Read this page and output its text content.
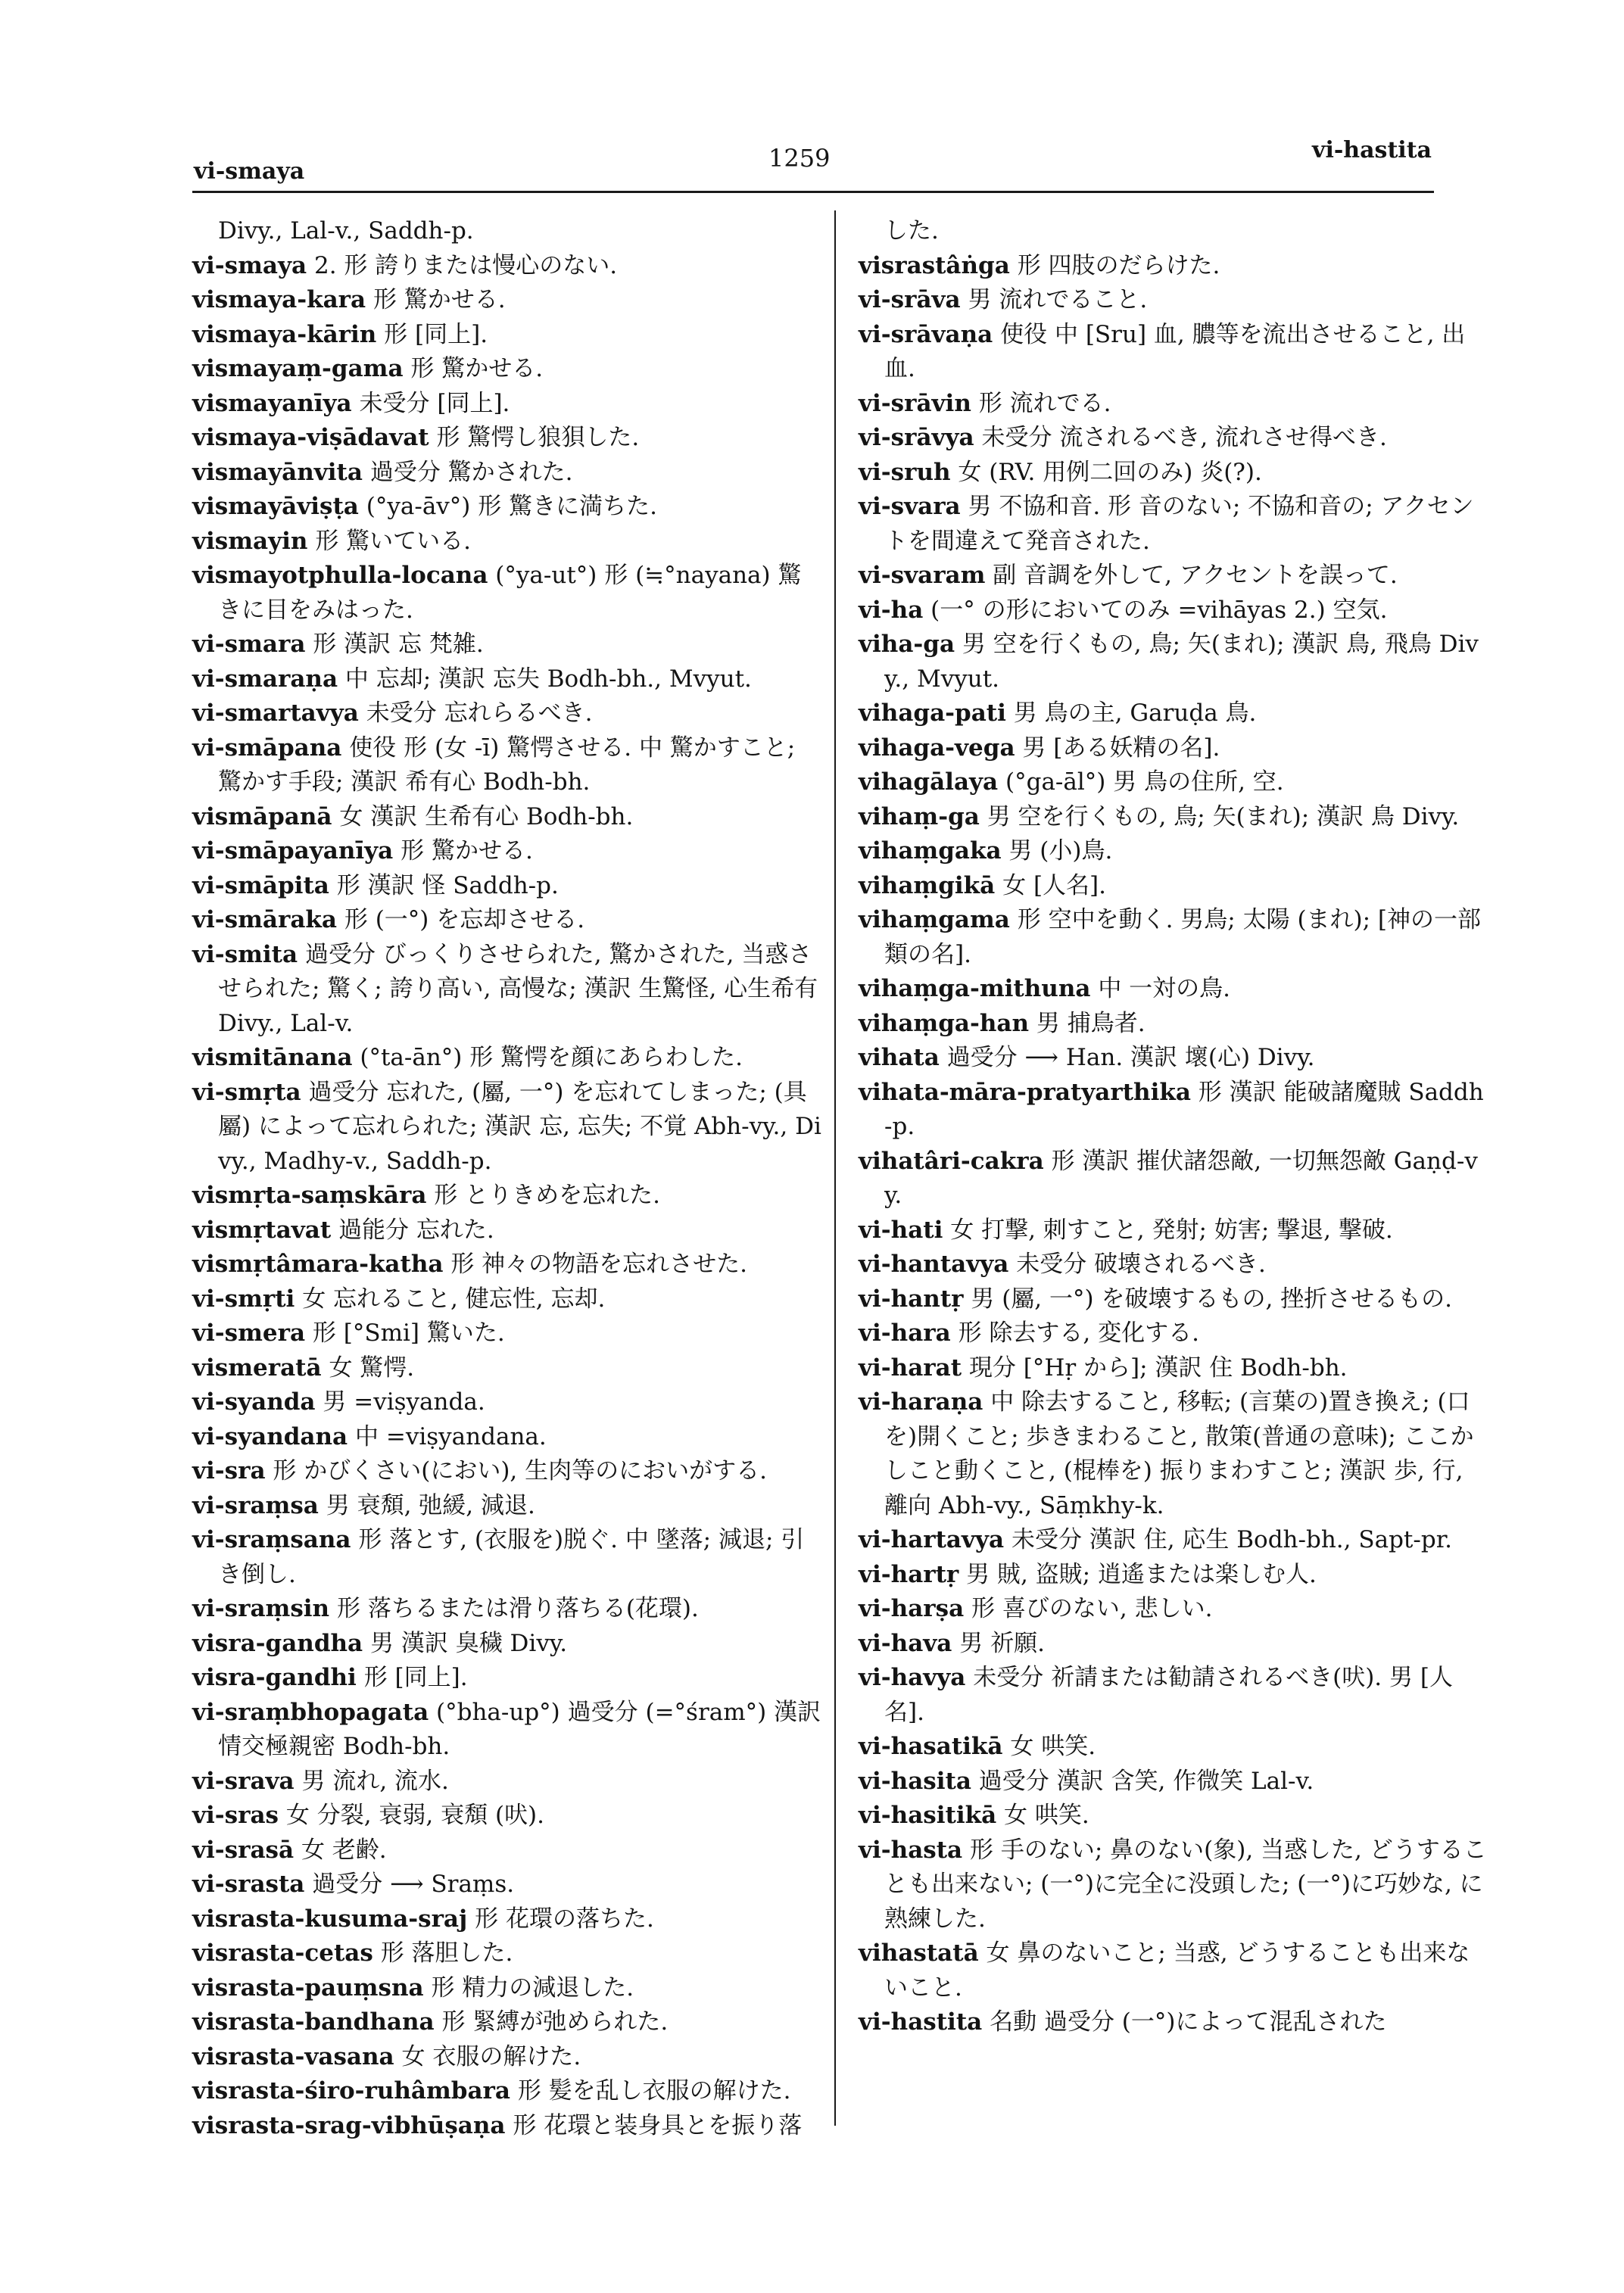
vi-smaya	1259	vi-hastita
Divy., Lal-v., Saddh-p.
vi-smaya 2. 形 誇りまたは慢心のない.
vismaya-kara 形 驚かせる.
vismaya-kārin 形 [同上].
vismayaṃ-gama 形 驚かせる.
vismayanīya 未受分 [同上].
vismaya-viṣādavat 形 驚愕し狼狽した.
vismayānvita 過受分 驚かされた.
vismayāviṣṭa (°ya-āv°) 形 驚きに満ちた.
vismayin 形 驚いている.
vismayotphulla-locana (°ya-ut°) 形 (≒°nayana) 驚きに目をみはった.
vi-smara 形 漢訳 忘 梵雑.
vi-smaraṇa 中 忘却; 漢訳 忘失 Bodh-bh., Mvyut.
vi-smartavya 未受分 忘れらるべき.
vi-smāpana 使役 形 (女 -ī) 驚愕させる. 中 驚かすこと; 驚かす手段; 漢訳 希有心 Bodh-bh.
vismāpanā 女 漢訳 生希有心 Bodh-bh.
vi-smāpayanīya 形 驚かせる.
vi-smāpita 形 漢訳 怪 Saddh-p.
vi-smāraka 形 (一°) を忘却させる.
vi-smita 過受分 びっくりさせられた, 驚かされた, 当惑させられた; 驚く; 誇り高い, 高慢な; 漢訳 生驚怪, 心生希有 Divy., Lal-v.
vismitānana (°ta-ān°) 形 驚愕を顔にあらわした.
vi-smṛta 過受分 忘れた, (屬, 一°) を忘れてしまった; (具 屬) によって忘れられた; 漢訳 忘, 忘失; 不覚 Abh-vy., Divy., Madhy-v., Saddh-p.
vismṛta-saṃskāra 形 とりきめを忘れた.
vismṛtavat 過能分 忘れた.
vismṛtâmara-katha 形 神々の物語を忘れさせた.
vi-smṛti 女 忘れること, 健忘性, 忘却.
vi-smera 形 [°Smi] 驚いた.
vismeratā 女 驚愕.
vi-syanda 男 =viṣyanda.
vi-syandana 中 =viṣyandana.
vi-sra 形 かびくさい(におい), 生肉等のにおいがする.
vi-sraṃsa 男 衰頽, 弛緩, 減退.
vi-sraṃsana 形 落とす, (衣服を)脱ぐ. 中 墜落; 減退; 引き倒し.
vi-sraṃsin 形 落ちるまたは滑り落ちる(花環).
visra-gandha 男 漢訳 臭穢 Divy.
visra-gandhi 形 [同上].
vi-sraṃbhopagata (°bha-up°) 過受分 (=°śram°) 漢訳 情交極親密 Bodh-bh.
vi-srava 男 流れ, 流水.
vi-sras 女 分裂, 衰弱, 衰頽 (吠).
vi-srasā 女 老齢.
vi-srasta 過受分 ⟶ Sraṃs.
visrasta-kusuma-sraj 形 花環の落ちた.
visrasta-cetas 形 落胆した.
visrasta-pauṃsna 形 精力の減退した.
visrasta-bandhana 形 緊縛が弛められた.
visrasta-vasana 女 衣服の解けた.
visrasta-śiro-ruhâmbara 形 髪を乱し衣服の解けた.
visrasta-srag-vibhūṣaṇa 形 花環と装身具とを振り落
した.
visrastâṅga 形 四肢のだらけた.
vi-srāva 男 流れでること.
vi-srāvaṇa 使役 中 [Sru] 血, 膿等を流出させること, 出血.
vi-srāvin 形 流れでる.
vi-srāvya 未受分 流されるべき, 流れさせ得べき.
vi-sruh 女 (RV. 用例二回のみ) 炎(?).
vi-svara 男 不協和音. 形 音のない; 不協和音の; アクセントを間違えて発音された.
vi-svaram 副 音調を外して, アクセントを誤って.
vi-ha (一° の形においてのみ =vihāyas 2.) 空気.
viha-ga 男 空を行くもの, 鳥; 矢(まれ); 漢訳 鳥, 飛鳥 Divy., Mvyut.
vihaga-pati 男 鳥の主, Garuḍa 鳥.
vihaga-vega 男 [ある妖精の名].
vihagālaya (°ga-āl°) 男 鳥の住所, 空.
vihaṃ-ga 男 空を行くもの, 鳥; 矢(まれ); 漢訳 鳥 Divy.
vihaṃgaka 男 (小)鳥.
vihaṃgikā 女 [人名].
vihaṃgama 形 空中を動く. 男鳥; 太陽 (まれ); [神の一部類の名].
vihaṃga-mithuna 中 一対の鳥.
vihaṃga-han 男 捕鳥者.
vihata 過受分 ⟶ Han. 漢訳 壞(心) Divy.
vihata-māra-pratyarthika 形 漢訳 能破諸魔賊 Saddh-p.
vihatâri-cakra 形 漢訳 摧伏諸怨敵, 一切無怨敵 Gaṇḍ-vy.
vi-hati 女 打撃, 刺すこと, 発射; 妨害; 撃退, 撃破.
vi-hantavya 未受分 破壊されるべき.
vi-hantṛ 男 (屬, 一°) を破壊するもの, 挫折させるもの.
vi-hara 形 除去する, 変化する.
vi-harat 現分 [°Hṛ から]; 漢訳 住 Bodh-bh.
vi-haraṇa 中 除去すること, 移転; (言葉の)置き換え; (口を)開くこと; 歩きまわること, 散策(普通の意味); ここかしこと動くこと, (棍棒を) 振りまわすこと; 漢訳 歩, 行, 離向 Abh-vy., Sāṃkhy-k.
vi-hartavya 未受分 漢訳 住, 応生 Bodh-bh., Sapt-pr.
vi-hartṛ 男 賊, 盗賊; 逍遙または楽しむ人.
vi-harṣa 形 喜びのない, 悲しい.
vi-hava 男 祈願.
vi-havya 未受分 祈請または勧請されるべき(吠). 男 [人名].
vi-hasatikā 女 哄笑.
vi-hasita 過受分 漢訳 含笑, 作微笑 Lal-v.
vi-hasitikā 女 哄笑.
vi-hasta 形 手のない; 鼻のない(象), 当惑した, どうすることも出来ない; (一°)に完全に没頭した; (一°)に巧妙な, に熟練した.
vihastatā 女 鼻のないこと; 当惑, どうすることも出来ないこと.
vi-hastita 名動 過受分 (一°)によって混乱された
